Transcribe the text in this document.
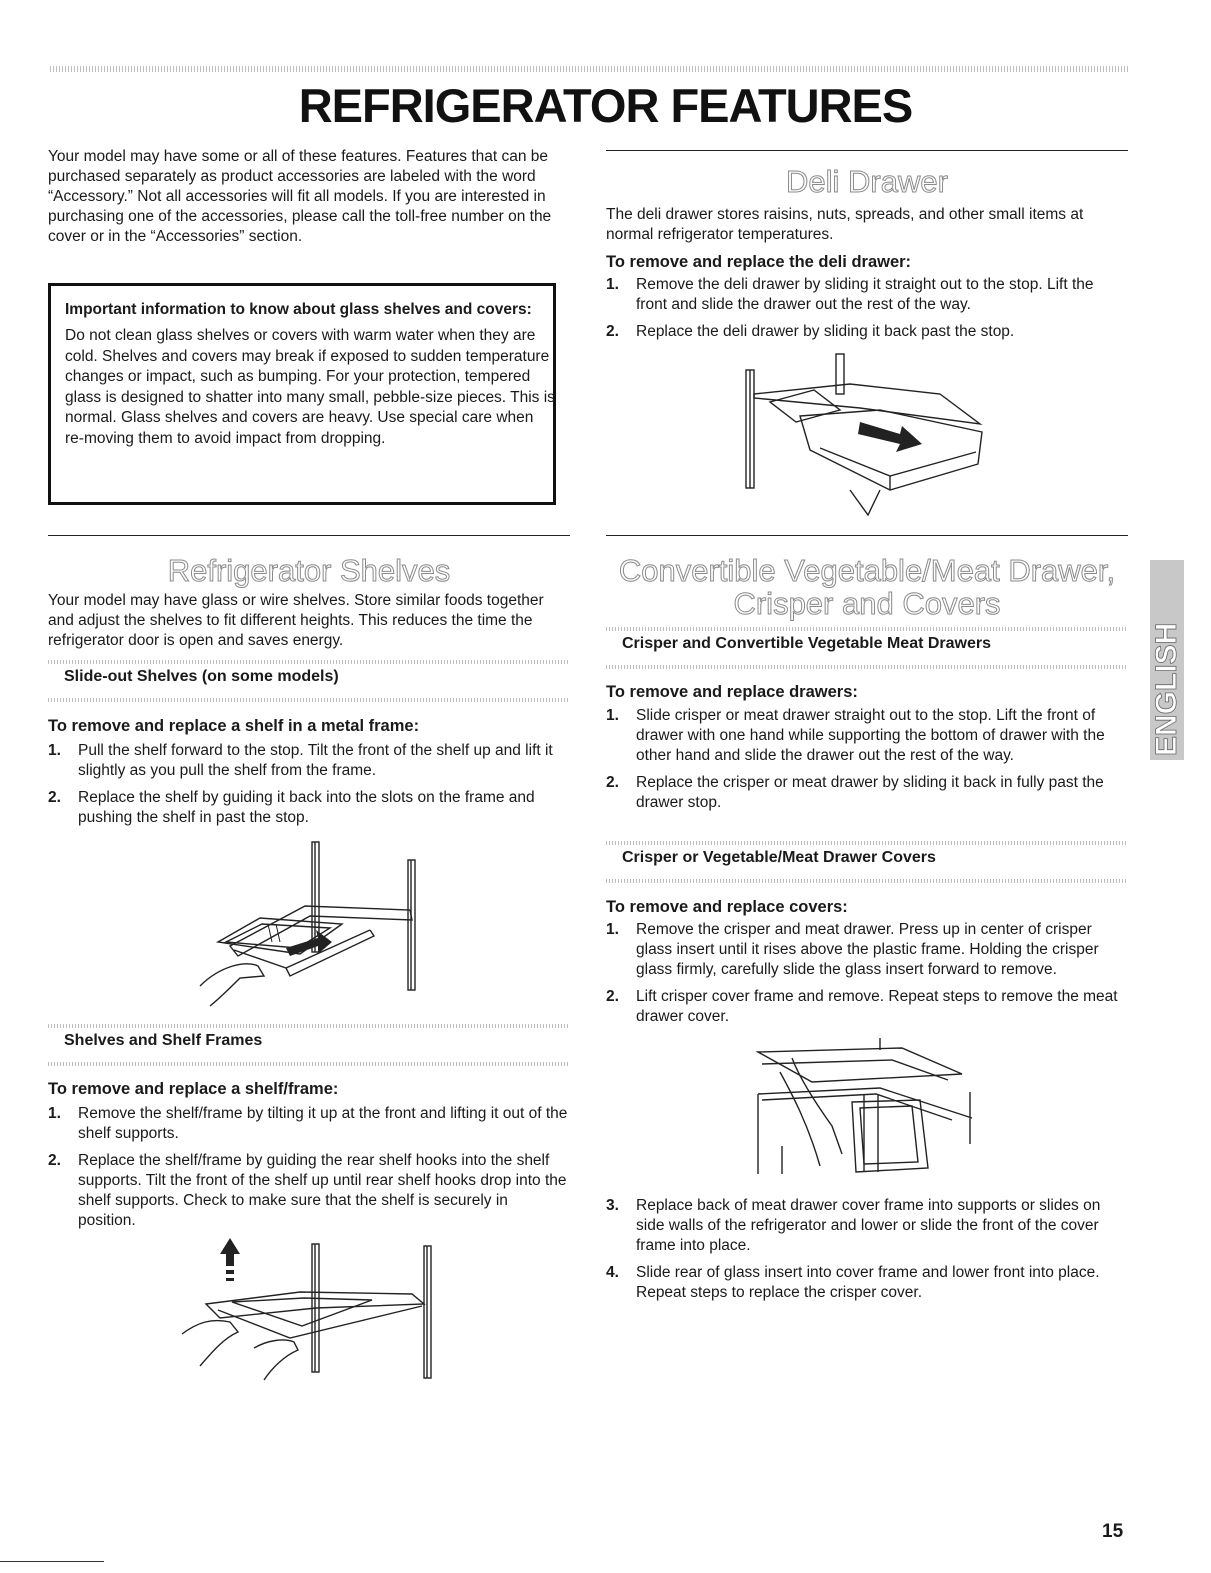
REFRIGERATOR FEATURES
Your model may have some or all of these features. Features that can be purchased separately as product accessories are labeled with the word “Accessory.” Not all accessories will fit all models. If you are interested in purchasing one of the accessories, please call the toll-free number on the cover or in the “Accessories” section.
Important information to know about glass shelves and covers:
Do not clean glass shelves or covers with warm water when they are cold. Shelves and covers may break if exposed to sudden temperature changes or impact, such as bumping. For your protection, tempered glass is designed to shatter into many small, pebble-size pieces. This is normal. Glass shelves and covers are heavy. Use special care when re-moving them to avoid impact from dropping.
Refrigerator Shelves
Your model may have glass or wire shelves. Store similar foods together and adjust the shelves to fit different heights. This reduces the time the refrigerator door is open and saves energy.
Slide-out Shelves (on some models)
To remove and replace a shelf in a metal frame:
1. Pull the shelf forward to the stop. Tilt the front of the shelf up and lift it slightly as you pull the shelf from the frame.
2. Replace the shelf by guiding it back into the slots on the frame and pushing the shelf in past the stop.
Shelves and Shelf Frames
To remove and replace a shelf/frame:
1. Remove the shelf/frame by tilting it up at the front and lifting it out of the shelf supports.
2. Replace the shelf/frame by guiding the rear shelf hooks into the shelf supports. Tilt the front of the shelf up until rear shelf hooks drop into the shelf supports. Check to make sure that the shelf is securely in position.
Deli Drawer
The deli drawer stores raisins, nuts, spreads, and other small items at normal refrigerator temperatures.
To remove and replace the deli drawer:
1. Remove the deli drawer by sliding it straight out to the stop. Lift the front and slide the drawer out the rest of the way.
2. Replace the deli drawer by sliding it back past the stop.
Convertible Vegetable/Meat Drawer,
Crisper and Covers
Crisper and Convertible Vegetable Meat Drawers
To remove and replace drawers:
1. Slide crisper or meat drawer straight out to the stop. Lift the front of drawer with one hand while supporting the bottom of drawer with the other hand and slide the drawer out the rest of the way.
2. Replace the crisper or meat drawer by sliding it back in fully past the drawer stop.
Crisper or Vegetable/Meat Drawer Covers
To remove and replace covers:
1. Remove the crisper and meat drawer. Press up in center of crisper glass insert until it rises above the plastic frame. Holding the crisper glass firmly, carefully slide the glass insert forward to remove.
2. Lift crisper cover frame and remove. Repeat steps to remove the meat drawer cover.
3. Replace back of meat drawer cover frame into supports or slides on side walls of the refrigerator and lower or slide the front of the cover frame into place.
4. Slide rear of glass insert into cover frame and lower front into place. Repeat steps to replace the crisper cover.
ENGLISH
15
